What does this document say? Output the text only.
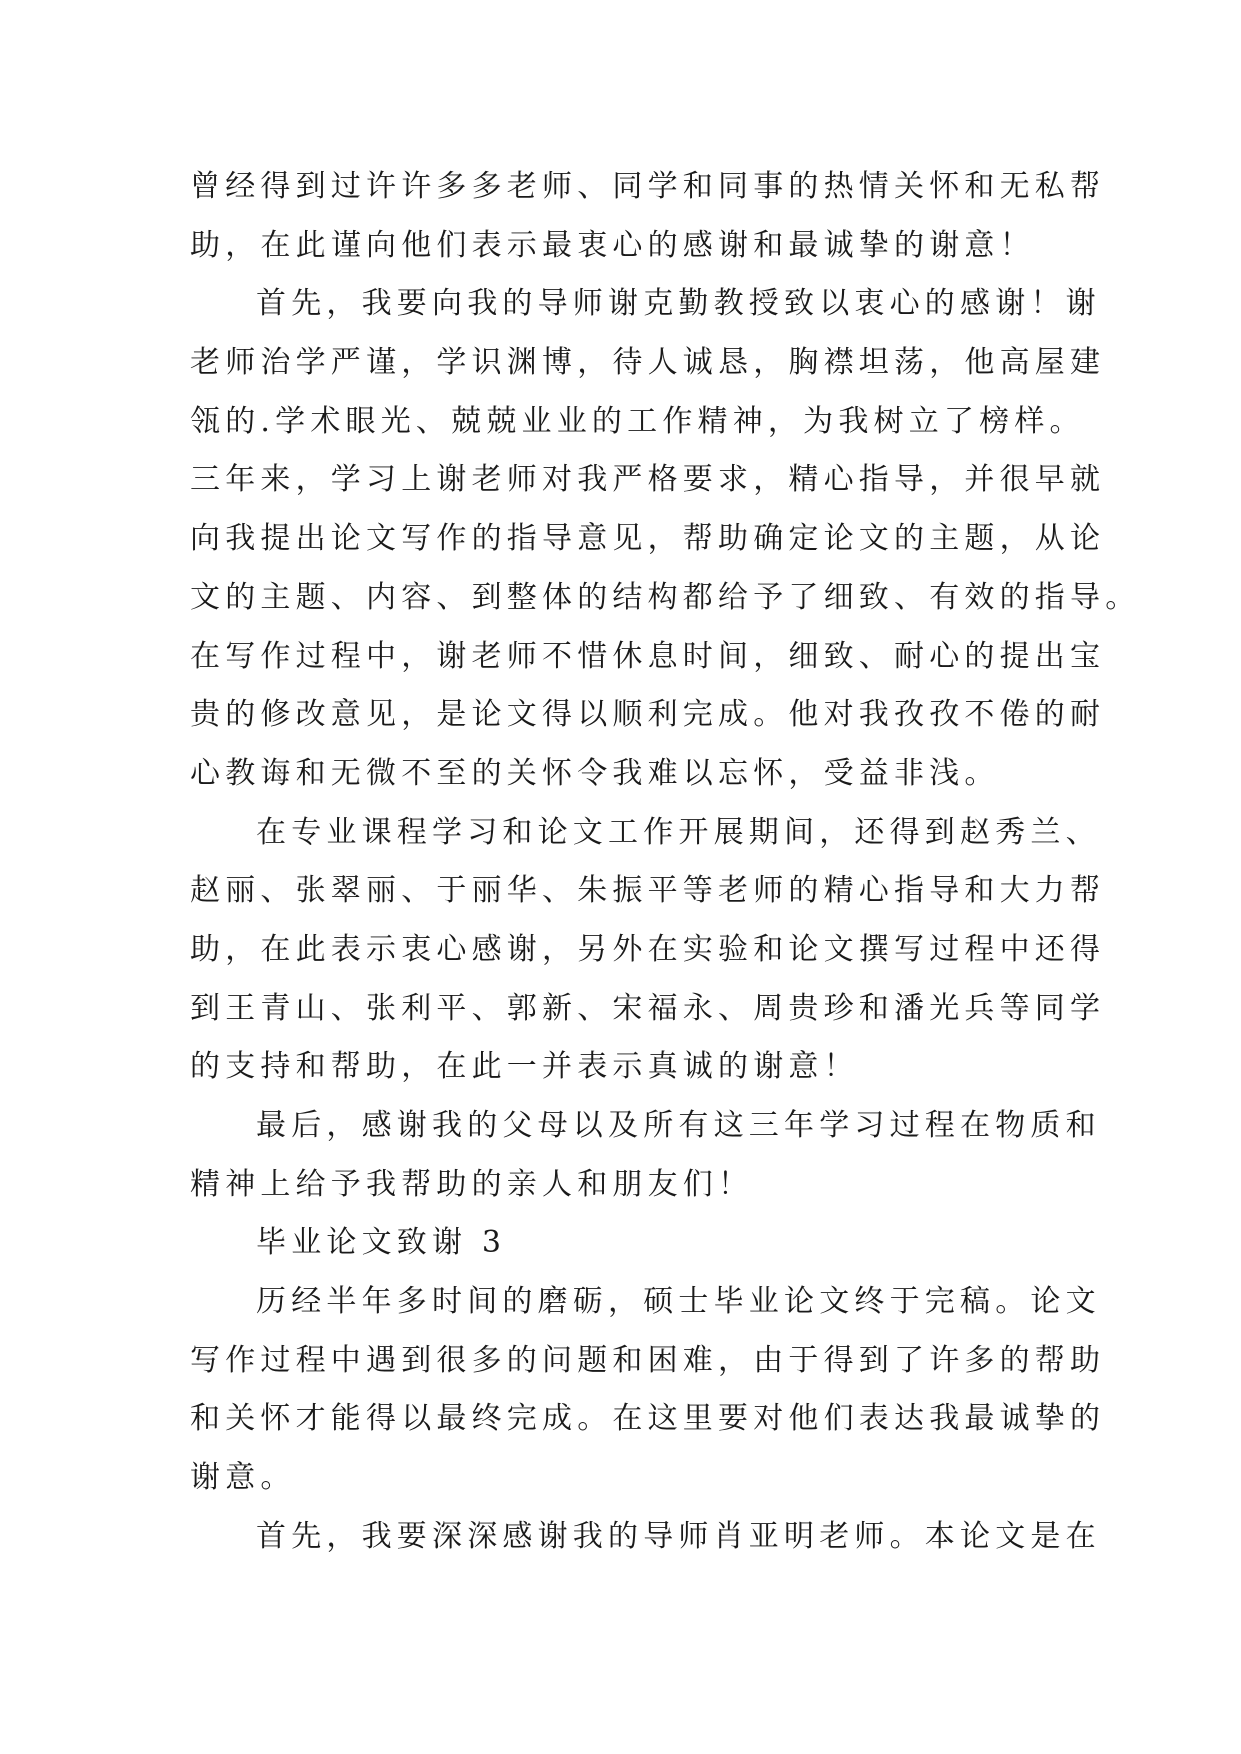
曾经得到过许许多多老师、同学和同事的热情关怀和无私帮
助，在此谨向他们表示最衷心的感谢和最诚挚的谢意！
首先，我要向我的导师谢克勤教授致以衷心的感谢！谢
老师治学严谨，学识渊博，待人诚恳，胸襟坦荡，他高屋建
瓴的.学术眼光、兢兢业业的工作精神，为我树立了榜样。
三年来，学习上谢老师对我严格要求，精心指导，并很早就
向我提出论文写作的指导意见，帮助确定论文的主题，从论
文的主题、内容、到整体的结构都给予了细致、有效的指导。
在写作过程中，谢老师不惜休息时间，细致、耐心的提出宝
贵的修改意见，是论文得以顺利完成。他对我孜孜不倦的耐
心教诲和无微不至的关怀令我难以忘怀，受益非浅。
在专业课程学习和论文工作开展期间，还得到赵秀兰、
赵丽、张翠丽、于丽华、朱振平等老师的精心指导和大力帮
助，在此表示衷心感谢，另外在实验和论文撰写过程中还得
到王青山、张利平、郭新、宋福永、周贵珍和潘光兵等同学
的支持和帮助，在此一并表示真诚的谢意！
最后，感谢我的父母以及所有这三年学习过程在物质和
精神上给予我帮助的亲人和朋友们！
毕业论文致谢 3
历经半年多时间的磨砺，硕士毕业论文终于完稿。论文
写作过程中遇到很多的问题和困难，由于得到了许多的帮助
和关怀才能得以最终完成。在这里要对他们表达我最诚挚的
谢意。
首先，我要深深感谢我的导师肖亚明老师。本论文是在
